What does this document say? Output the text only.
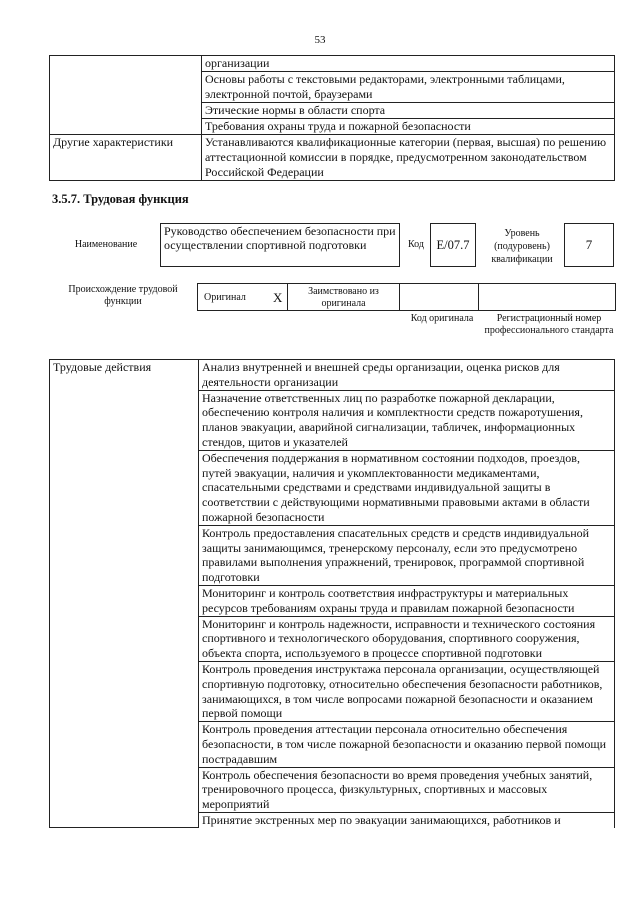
53
	организации
	Основы работы с текстовыми редакторами, электронными таблицами, электронной почтой, браузерами
	Этические нормы в области спорта
	Требования охраны труда и пожарной безопасности
Другие характеристики	Устанавливаются квалификационные категории (первая, высшая) по решению аттестационной комиссии в порядке, предусмотренном законодательством Российской Федерации
3.5.7. Трудовая функция
Наименование
Руководство обеспечением безопасности при осуществлении спортивной подготовки	Код	E/07.7
Уровень (подуровень) квалификации
7
Происхождение трудовой функции	Оригинал X	Заимствовано из оригинала
Код оригинала	Регистрационный номер профессионального стандарта
Трудовые действия	Анализ внутренней и внешней среды организации, оценка рисков для деятельности организации
Назначение ответственных лиц по разработке пожарной декларации, обеспечению контроля наличия и комплектности средств пожаротушения, планов эвакуации, аварийной сигнализации, табличек, информационных стендов, щитов и указателей
Обеспечения поддержания в нормативном состоянии подходов, проездов, путей эвакуации, наличия и укомплектованности медикаментами, спасательными средствами и средствами индивидуальной защиты в соответствии с действующими нормативными правовыми актами в области пожарной безопасности
Контроль предоставления спасательных средств и средств индивидуальной защиты занимающимся, тренерскому персоналу, если это предусмотрено правилами выполнения упражнений, тренировок, программой спортивной подготовки
Мониторинг и контроль соответствия инфраструктуры и материальных ресурсов требованиям охраны труда и правилам пожарной безопасности
Мониторинг и контроль надежности, исправности и технического состояния спортивного и технологического оборудования, спортивного сооружения, объекта спорта, используемого в процессе спортивной подготовки
Контроль проведения инструктажа персонала организации, осуществляющей спортивную подготовку, относительно обеспечения безопасности работников, занимающихся, в том числе вопросами пожарной безопасности и оказанием первой помощи
Контроль проведения аттестации персонала относительно обеспечения безопасности, в том числе пожарной безопасности и оказанию первой помощи пострадавшим
Контроль обеспечения безопасности во время проведения учебных занятий, тренировочного процесса, физкультурных, спортивных и массовых мероприятий
Принятие экстренных мер по эвакуации занимающихся, работников и
